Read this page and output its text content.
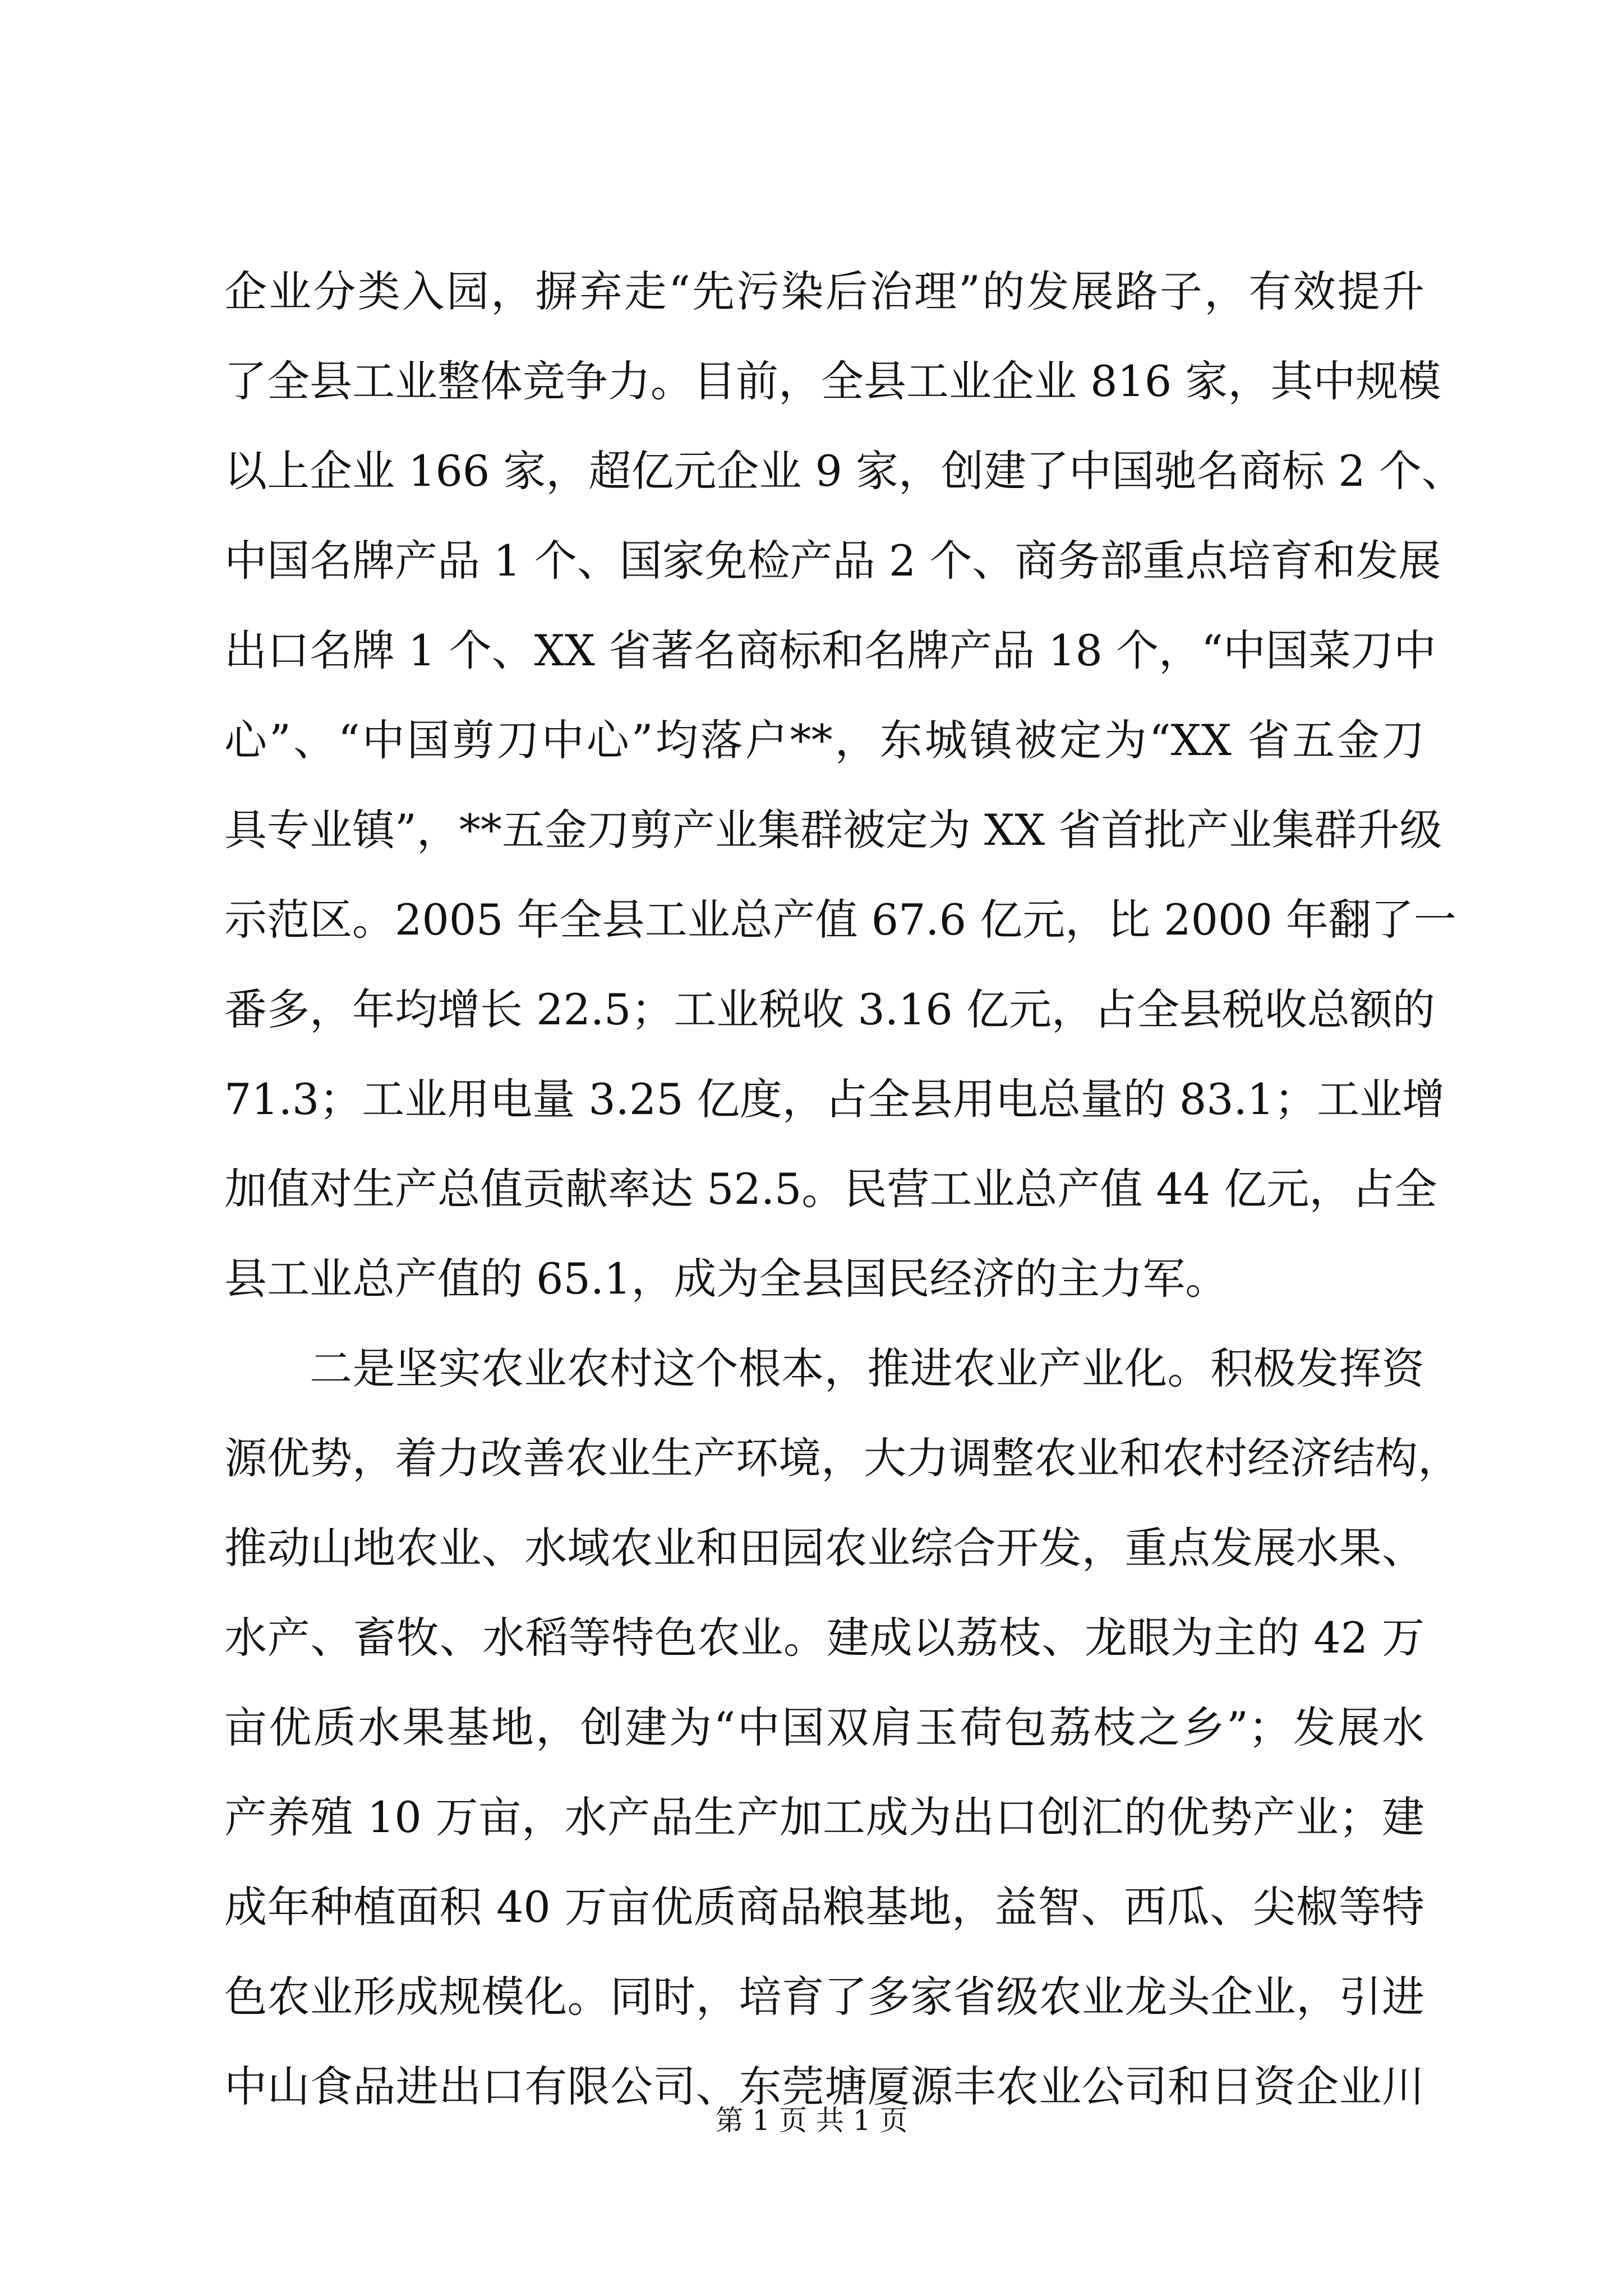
企业分类入园，摒弃走“先污染后治理”的发展路子，有效提升
了全县工业整体竞争力。目前，全县工业企业 816 家，其中规模
以上企业 166 家，超亿元企业 9 家，创建了中国驰名商标 2 个、
中国名牌产品 1 个、国家免检产品 2 个、商务部重点培育和发展
出口名牌 1 个、XX 省著名商标和名牌产品 18 个，“中国菜刀中
心”、“中国剪刀中心”均落户**，东城镇被定为“XX 省五金刀
具专业镇”，**五金刀剪产业集群被定为 XX 省首批产业集群升级
示范区。2005 年全县工业总产值 67.6 亿元，比 2000 年翻了一
番多，年均增长 22.5；工业税收 3.16 亿元，占全县税收总额的
71.3；工业用电量 3.25 亿度，占全县用电总量的 83.1；工业增
加值对生产总值贡献率达 52.5。民营工业总产值 44 亿元，占全
县工业总产值的 65.1，成为全县国民经济的主力军。
二是坚实农业农村这个根本，推进农业产业化。积极发挥资
源优势，着力改善农业生产环境，大力调整农业和农村经济结构，
推动山地农业、水域农业和田园农业综合开发，重点发展水果、
水产、畜牧、水稻等特色农业。建成以荔枝、龙眼为主的 42 万
亩优质水果基地，创建为“中国双肩玉荷包荔枝之乡”；发展水
产养殖 10 万亩，水产品生产加工成为出口创汇的优势产业；建
成年种植面积 40 万亩优质商品粮基地，益智、西瓜、尖椒等特
色农业形成规模化。同时，培育了多家省级农业龙头企业，引进
中山食品进出口有限公司、东莞塘厦源丰农业公司和日资企业川
第 1 页 共 1 页
